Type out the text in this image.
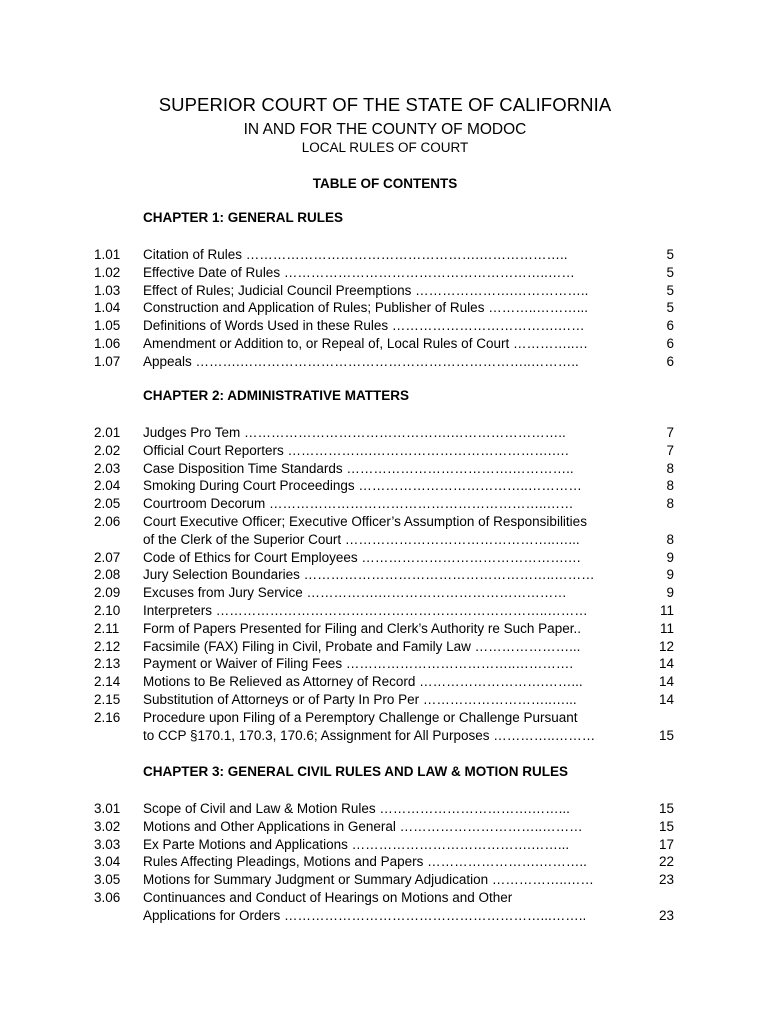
SUPERIOR COURT OF THE STATE OF CALIFORNIA
IN AND FOR THE COUNTY OF MODOC
LOCAL RULES OF COURT
TABLE OF CONTENTS
CHAPTER 1: GENERAL RULES
1.01	Citation of Rules …………………………………………….………………..	5
1.02	Effective Date of Rules …………………………………………………..……	5
1.03	Effect of Rules; Judicial Council Preemptions ………………….……………..	5
1.04	Construction and Application of Rules; Publisher of Rules ………..………...	5
1.05	Definitions of Words Used in these Rules ……………………………….……	6
1.06	Amendment or Addition to, or Repeal of, Local Rules of Court …………..…	6
1.07	Appeals ……….………………………………………………………..………..	6
CHAPTER 2: ADMINISTRATIVE MATTERS
2.01	Judges Pro Tem ……………………………………….……………………..	7
2.02	Official Court Reporters ……………….………………………………….….	7
2.03	Case Disposition Time Standards ……………………………….…………..	8
2.04	Smoking During Court Proceedings ………………………………..…………	8
2.05	Courtroom Decorum ……………………………………………………..……	8
2.06	Court Executive Officer; Executive Officer’s Assumption of Responsibilities
of the Clerk of the Superior Court ………………………………………..…...	8
2.07	Code of Ethics for Court Employees ……………………………………….…	9
2.08	Jury Selection Boundaries ………………………………………………..………	9
2.09	Excuses from Jury Service …………….……………………………………	9
2.10	Interpreters ………………………………………………………………..………	11
2.11	Form of Papers Presented for Filing and Clerk’s Authority re Such Paper..	11
2.12	Facsimile (FAX) Filing in Civil, Probate and Family Law …………………...	12
2.13	Payment or Waiver of Filing Fees ………………………………..………….	14
2.14	Motions to Be Relieved as Attorney of Record ……………………….……...	14
2.15	Substitution of Attorneys or of Party In Pro Per ………………………..…...	14
2.16	Procedure upon Filing of a Peremptory Challenge or Challenge Pursuant
to CCP §170.1, 170.3, 170.6; Assignment for All Purposes …………..………	15
CHAPTER 3: GENERAL CIVIL RULES AND LAW & MOTION RULES
3.01	Scope of Civil and Law & Motion Rules …………………………….……...	15
3.02	Motions and Other Applications in General …………………………..………	15
3.03	Ex Parte Motions and Applications ………………………………….……...	17
3.04	Rules Affecting Pleadings, Motions and Papers …………………….………..	22
3.05	Motions for Summary Judgment or Summary Adjudication ……………..……	23
3.06	Continuances and Conduct of Hearings on Motions and Other
Applications for Orders …………………………………………………...……..	23
